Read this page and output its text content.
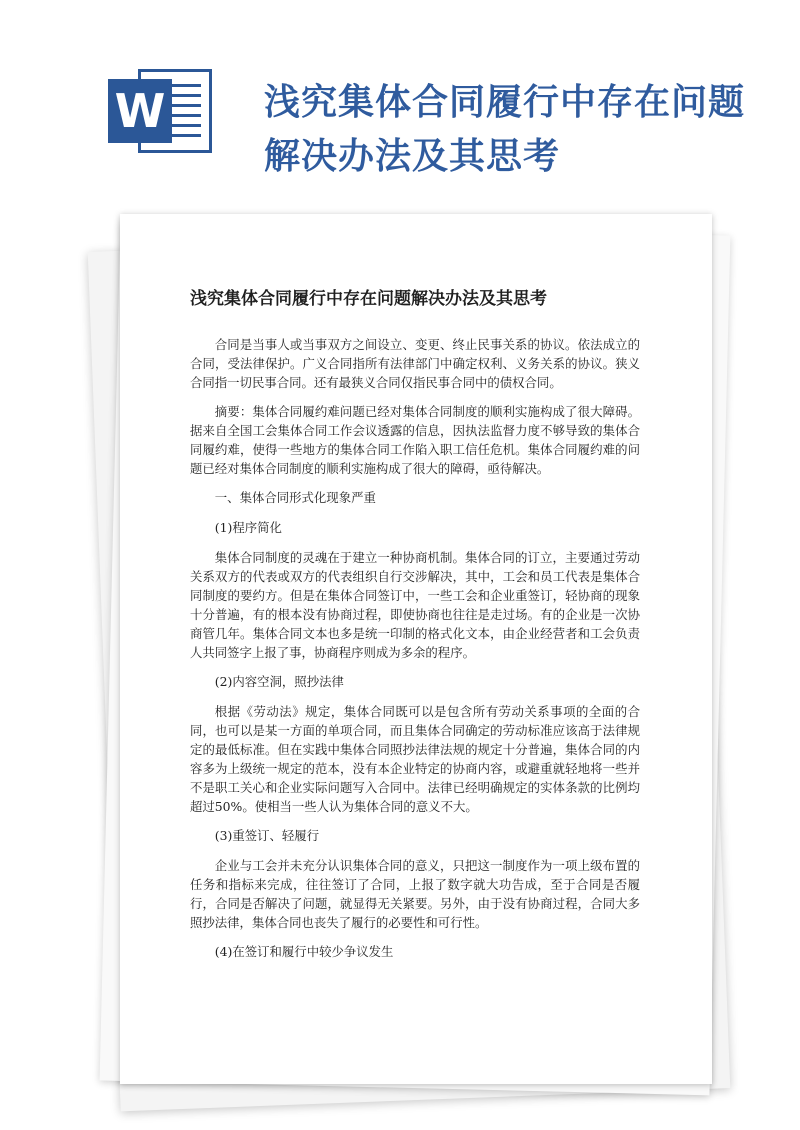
W	浅究集体合同履行中存在问题
解决办法及其思考
浅究集体合同履行中存在问题解决办法及其思考

合同是当事人或当事双方之间设立、变更、终止民事关系的协议。依法成立的合同，受法律保护。广义合同指所有法律部门中确定权利、义务关系的协议。狭义合同指一切民事合同。还有最狭义合同仅指民事合同中的债权合同。

摘要：集体合同履约难问题已经对集体合同制度的顺利实施构成了很大障碍。据来自全国工会集体合同工作会议透露的信息，因执法监督力度不够导致的集体合同履约难，使得一些地方的集体合同工作陷入职工信任危机。集体合同履约难的问题已经对集体合同制度的顺利实施构成了很大的障碍，亟待解决。

一、集体合同形式化现象严重

(1)程序简化

集体合同制度的灵魂在于建立一种协商机制。集体合同的订立，主要通过劳动关系双方的代表或双方的代表组织自行交涉解决，其中，工会和员工代表是集体合同制度的要约方。但是在集体合同签订中，一些工会和企业重签订，轻协商的现象十分普遍，有的根本没有协商过程，即使协商也往往是走过场。有的企业是一次协商管几年。集体合同文本也多是统一印制的格式化文本，由企业经营者和工会负责人共同签字上报了事，协商程序则成为多余的程序。

(2)内容空洞，照抄法律

根据《劳动法》规定，集体合同既可以是包含所有劳动关系事项的全面的合同，也可以是某一方面的单项合同，而且集体合同确定的劳动标准应该高于法律规定的最低标准。但在实践中集体合同照抄法律法规的规定十分普遍，集体合同的内容多为上级统一规定的范本，没有本企业特定的协商内容，或避重就轻地将一些并不是职工关心和企业实际问题写入合同中。法律已经明确规定的实体条款的比例均超过50%。使相当一些人认为集体合同的意义不大。

(3)重签订、轻履行

企业与工会并未充分认识集体合同的意义，只把这一制度作为一项上级布置的任务和指标来完成，往往签订了合同，上报了数字就大功告成，至于合同是否履行，合同是否解决了问题，就显得无关紧要。另外，由于没有协商过程，合同大多照抄法律，集体合同也丧失了履行的必要性和可行性。

(4)在签订和履行中较少争议发生
